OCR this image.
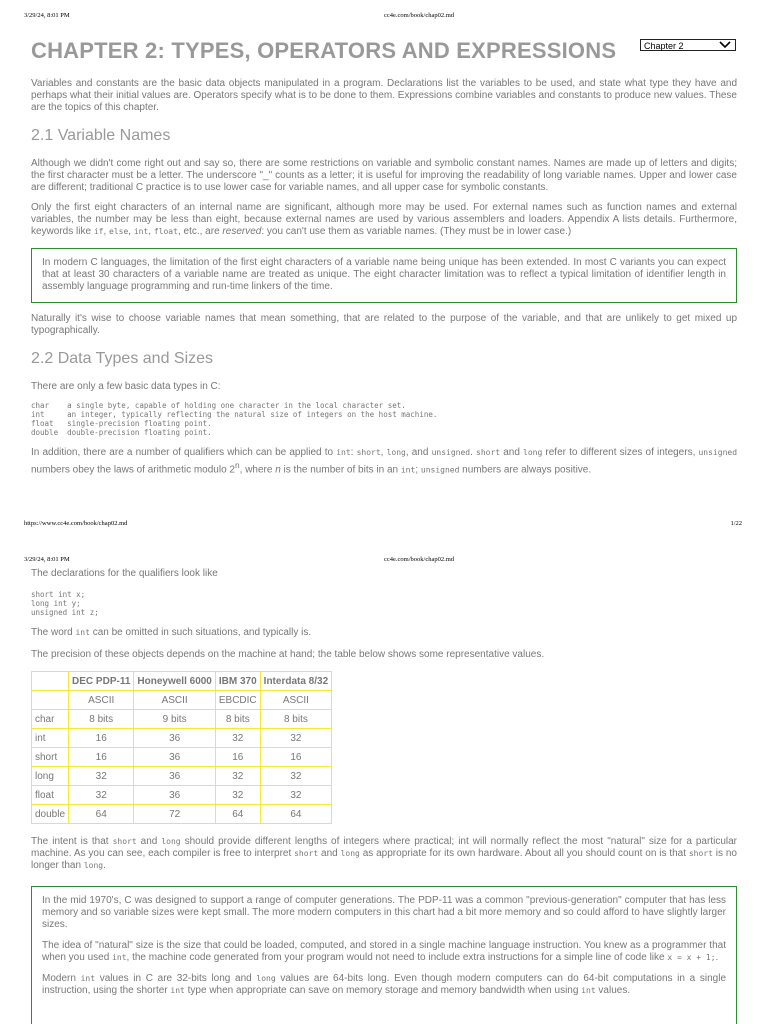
3/29/24, 8:01 PM	cc4e.com/book/chap02.md
Chapter 2
CHAPTER 2: TYPES, OPERATORS AND EXPRESSIONS

Variables and constants are the basic data objects manipulated in a program. Declarations list the variables to be used, and state what type they have and perhaps what their initial values are. Operators specify what is to be done to them. Expressions combine variables and constants to produce new values. These are the topics of this chapter.

2.1 Variable Names

Although we didn't come right out and say so, there are some restrictions on variable and symbolic constant names. Names are made up of letters and digits; the first character must be a letter. The underscore "_" counts as a letter; it is useful for improving the readability of long variable names. Upper and lower case are different; traditional C practice is to use lower case for variable names, and all upper case for symbolic constants.

Only the first eight characters of an internal name are significant, although more may be used. For external names such as function names and external variables, the number may be less than eight, because external names are used by various assemblers and loaders. Appendix A lists details. Furthermore, keywords like if, else, int, float, etc., are reserved: you can't use them as variable names. (They must be in lower case.)

In modern C languages, the limitation of the first eight characters of a variable name being unique has been extended. In most C variants you can expect that at least 30 characters of a variable name are treated as unique. The eight character limitation was to reflect a typical limitation of identifier length in assembly language programming and run-time linkers of the time.

Naturally it's wise to choose variable names that mean something, that are related to the purpose of the variable, and that are unlikely to get mixed up typographically.

2.2 Data Types and Sizes

There are only a few basic data types in C:

char    a single byte, capable of holding one character in the local character set.
int     an integer, typically reflecting the natural size of integers on the host machine.
float   single-precision floating point.
double  double-precision floating point.

In addition, there are a number of qualifiers which can be applied to int: short, long, and unsigned. short and long refer to different sizes of integers, unsigned numbers obey the laws of arithmetic modulo 2$^n$, where n is the number of bits in an int; unsigned numbers are always positive.

https://www.cc4e.com/book/chap02.md	1/22
3/29/24, 8:01 PM	cc4e.com/book/chap02.md

The declarations for the qualifiers look like

short int x;
long int y;
unsigned int z;

The word int can be omitted in such situations, and typically is.

The precision of these objects depends on the machine at hand; the table below shows some representative values.

	DEC PDP-11	Honeywell 6000	IBM 370	Interdata 8/32
	ASCII	ASCII	EBCDIC	ASCII
char	8 bits	9 bits	8 bits	8 bits
int	16	36	32	32
short	16	36	16	16
long	32	36	32	32
float	32	36	32	32
double	64	72	64	64

The intent is that short and long should provide different lengths of integers where practical; int will normally reflect the most "natural" size for a particular machine. As you can see, each compiler is free to interpret short and long as appropriate for its own hardware. About all you should count on is that short is no longer than long.

In the mid 1970's, C was designed to support a range of computer generations. The PDP-11 was a common "previous-generation" computer that has less memory and so variable sizes were kept small. The more modern computers in this chart had a bit more memory and so could afford to have slightly larger sizes.

The idea of "natural" size is the size that could be loaded, computed, and stored in a single machine language instruction. You knew as a programmer that when you used int, the machine code generated from your program would not need to include extra instructions for a simple line of code like x = x + 1;.

Modern int values in C are 32-bits long and long values are 64-bits long. Even though modern computers can do 64-bit computations in a single instruction, using the shorter int type when appropriate can save on memory storage and memory bandwidth when using int values.
